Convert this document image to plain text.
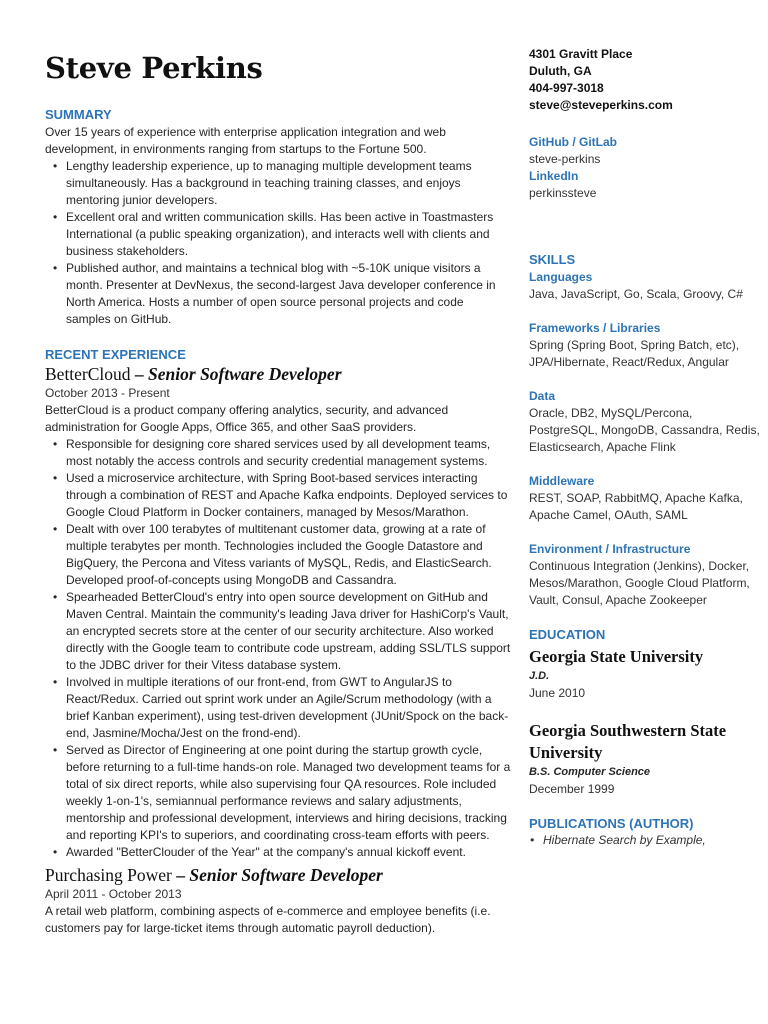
Steve Perkins
SUMMARY

Over 15 years of experience with enterprise application integration and web development, in environments ranging from startups to the Fortune 500.

• Lengthy leadership experience, up to managing multiple development teams simultaneously. Has a background in teaching training classes, and enjoys mentoring junior developers.
• Excellent oral and written communication skills. Has been active in Toastmasters International (a public speaking organization), and interacts well with clients and business stakeholders.
• Published author, and maintains a technical blog with ~5-10K unique visitors a month. Presenter at DevNexus, the second-largest Java developer conference in North America. Hosts a number of open source personal projects and code samples on GitHub.
RECENT EXPERIENCE
BetterCloud – Senior Software Developer
October 2013 - Present

BetterCloud is a product company offering analytics, security, and advanced administration for Google Apps, Office 365, and other SaaS providers.

• Responsible for designing core shared services used by all development teams, most notably the access controls and security credential management systems.
• Used a microservice architecture, with Spring Boot-based services interacting through a combination of REST and Apache Kafka endpoints. Deployed services to Google Cloud Platform in Docker containers, managed by Mesos/Marathon.
• Dealt with over 100 terabytes of multitenant customer data, growing at a rate of multiple terabytes per month. Technologies included the Google Datastore and BigQuery, the Percona and Vitess variants of MySQL, Redis, and ElasticSearch. Developed proof-of-concepts using MongoDB and Cassandra.
• Spearheaded BetterCloud's entry into open source development on GitHub and Maven Central. Maintain the community's leading Java driver for HashiCorp's Vault, an encrypted secrets store at the center of our security architecture. Also worked directly with the Google team to contribute code upstream, adding SSL/TLS support to the JDBC driver for their Vitess database system.
• Involved in multiple iterations of our front-end, from GWT to AngularJS to React/Redux. Carried out sprint work under an Agile/Scrum methodology (with a brief Kanban experiment), using test-driven development (JUnit/Spock on the back-end, Jasmine/Mocha/Jest on the frond-end).
• Served as Director of Engineering at one point during the startup growth cycle, before returning to a full-time hands-on role. Managed two development teams for a total of six direct reports, while also supervising four QA resources. Role included weekly 1-on-1's, semiannual performance reviews and salary adjustments, mentorship and professional development, interviews and hiring decisions, tracking and reporting KPI's to superiors, and coordinating cross-team efforts with peers.
• Awarded "BetterClouder of the Year" at the company's annual kickoff event.
Purchasing Power – Senior Software Developer
April 2011 - October 2013

A retail web platform, combining aspects of e-commerce and employee benefits (i.e. customers pay for large-ticket items through automatic payroll deduction).

4301 Gravitt Place
Duluth, GA
404-997-3018
steve@steveperkins.com
GitHub / GitLab
steve-perkins
LinkedIn
perkinssteve
SKILLS
Languages
Java, JavaScript, Go, Scala, Groovy, C#
Frameworks / Libraries
Spring (Spring Boot, Spring Batch, etc), JPA/Hibernate, React/Redux, Angular
Data
Oracle, DB2, MySQL/Percona, PostgreSQL, MongoDB, Cassandra, Redis, Elasticsearch, Apache Flink
Middleware
REST, SOAP, RabbitMQ, Apache Kafka, Apache Camel, OAuth, SAML
Environment / Infrastructure
Continuous Integration (Jenkins), Docker, Mesos/Marathon, Google Cloud Platform, Vault, Consul, Apache Zookeeper
EDUCATION
Georgia State University
J.D.
June 2010
Georgia Southwestern State University
B.S. Computer Science
December 1999
PUBLICATIONS (AUTHOR)
• Hibernate Search by Example,
